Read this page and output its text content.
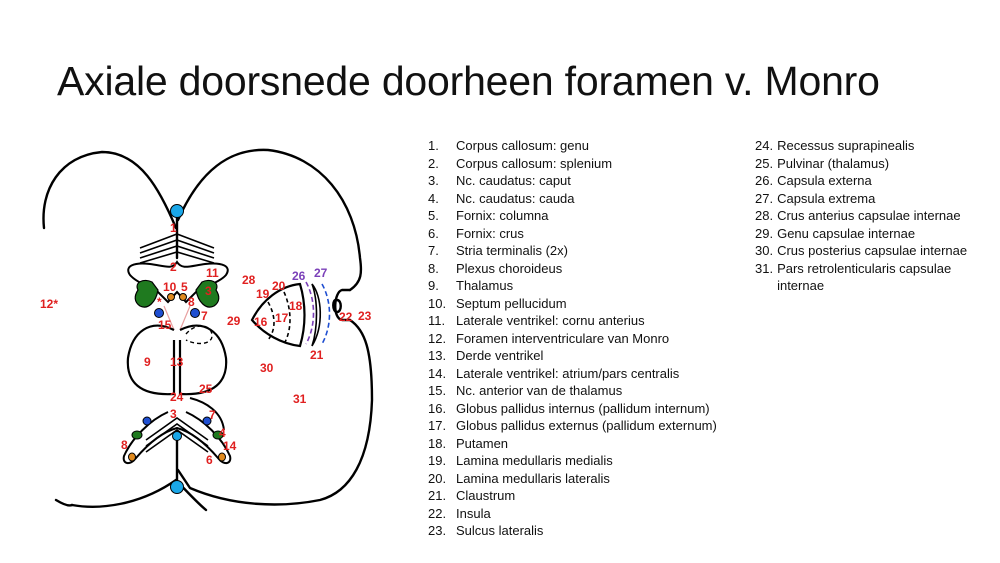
Axiale doorsnede doorheen foramen v. Monro
1
2 11
10 5 3
12*	* 8
7
15
9 13
25
24
3	7
4
8	14
6
28
19
20
18
17
16
29	22 23
21
30
31
26 27
1.	Corpus callosum: genu
2.	Corpus callosum: splenium
3.	Nc. caudatus: caput
4.	Nc. caudatus: cauda
5.	Fornix: columna
6.	Fornix: crus
7.	Stria terminalis (2x)
8.	Plexus choroideus
9.	Thalamus
10. Septum pellucidum
11. Laterale ventrikel: cornu anterius
12. Foramen interventriculare van Monro
13. Derde ventrikel
14. Laterale ventrikel: atrium/pars centralis
15. Nc. anterior van de thalamus
16. Globus pallidus internus (pallidum internum)
17. Globus pallidus externus (pallidum externum)
18. Putamen
19. Lamina medullaris medialis
20. Lamina medullaris lateralis
21. Claustrum
22. Insula
23. Sulcus lateralis
24. Recessus suprapinealis
25. Pulvinar (thalamus)
26. Capsula externa
27. Capsula extrema
28. Crus anterius capsulae internae
29. Genu capsulae internae
30. Crus posterius capsulae internae
31. Pars retrolenticularis capsulae internae
